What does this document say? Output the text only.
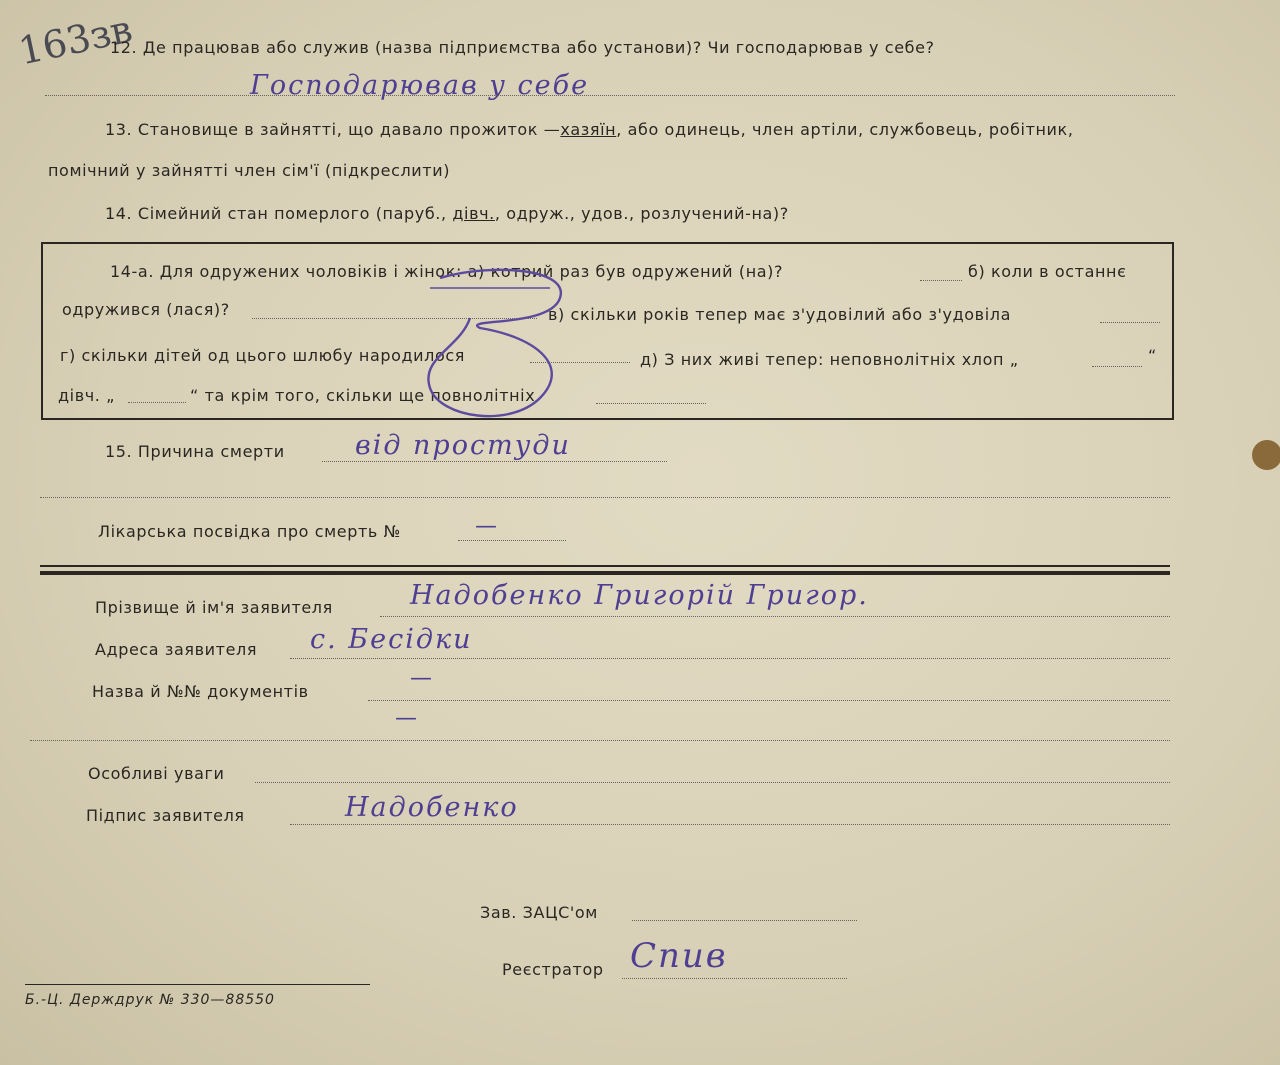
163зв
12. Де працював або служив (назва підприємства або установи)? Чи господарював у себе?
Господарював у себе
13. Становище в зайнятті, що давало прожиток —хазяїн, або одинець, член артіли, службовець, робітник,
помічний у зайнятті член сім'ї (підкреслити)
14. Сімейний стан померлого (паруб., дівч., одруж., удов., розлучений-на)?
14-а. Для одружених чоловіків і жінок: а) котрий раз був одружений (на)?	б) коли в останнє
одружився (лася)?	в) скільки років тепер має з'удовілий або з'удовіла
г) скільки дітей од цього шлюбу народилося	д) З них живі тепер: неповнолітніх хлоп „	“
дівч. „	“ та крім того, скільки ще повнолітніх
15. Причина смерти	від простуди
Лікарська посвідка про смерть №	—
Прізвище й ім'я заявителя	Надобенко Григорій Григор.
Адреса заявителя с. Бесідки
Назва й №№ документів
—
—
Особливі уваги
Підпис заявителя	Надобенко
Зав. ЗАЦС'ом
Реєстратор Спив
Б.-Ц. Держдрук № 330—88550
